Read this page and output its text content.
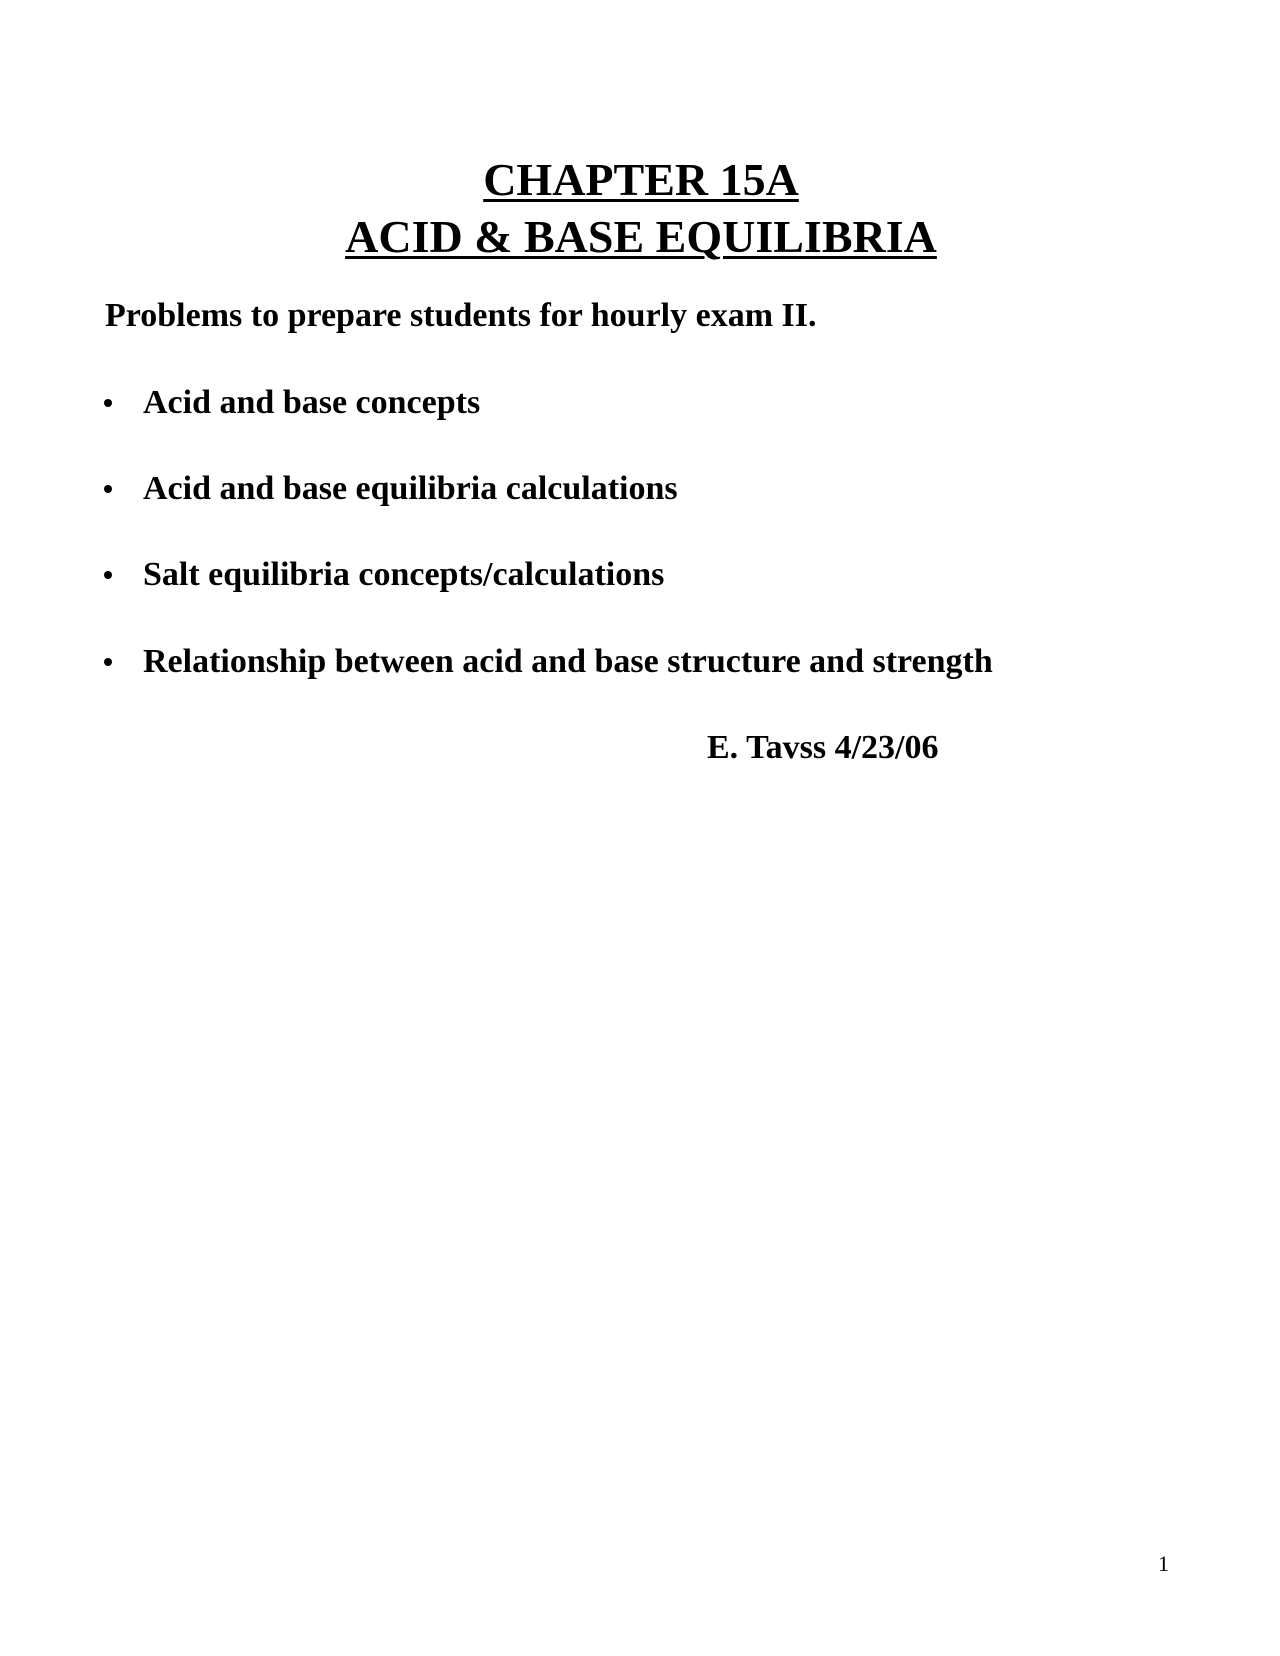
CHAPTER 15A
ACID & BASE EQUILIBRIA
Problems to prepare students for hourly exam II.
Acid and base concepts
Acid and base equilibria calculations
Salt equilibria concepts/calculations
Relationship between acid and base structure and strength
E. Tavss 4/23/06
1
